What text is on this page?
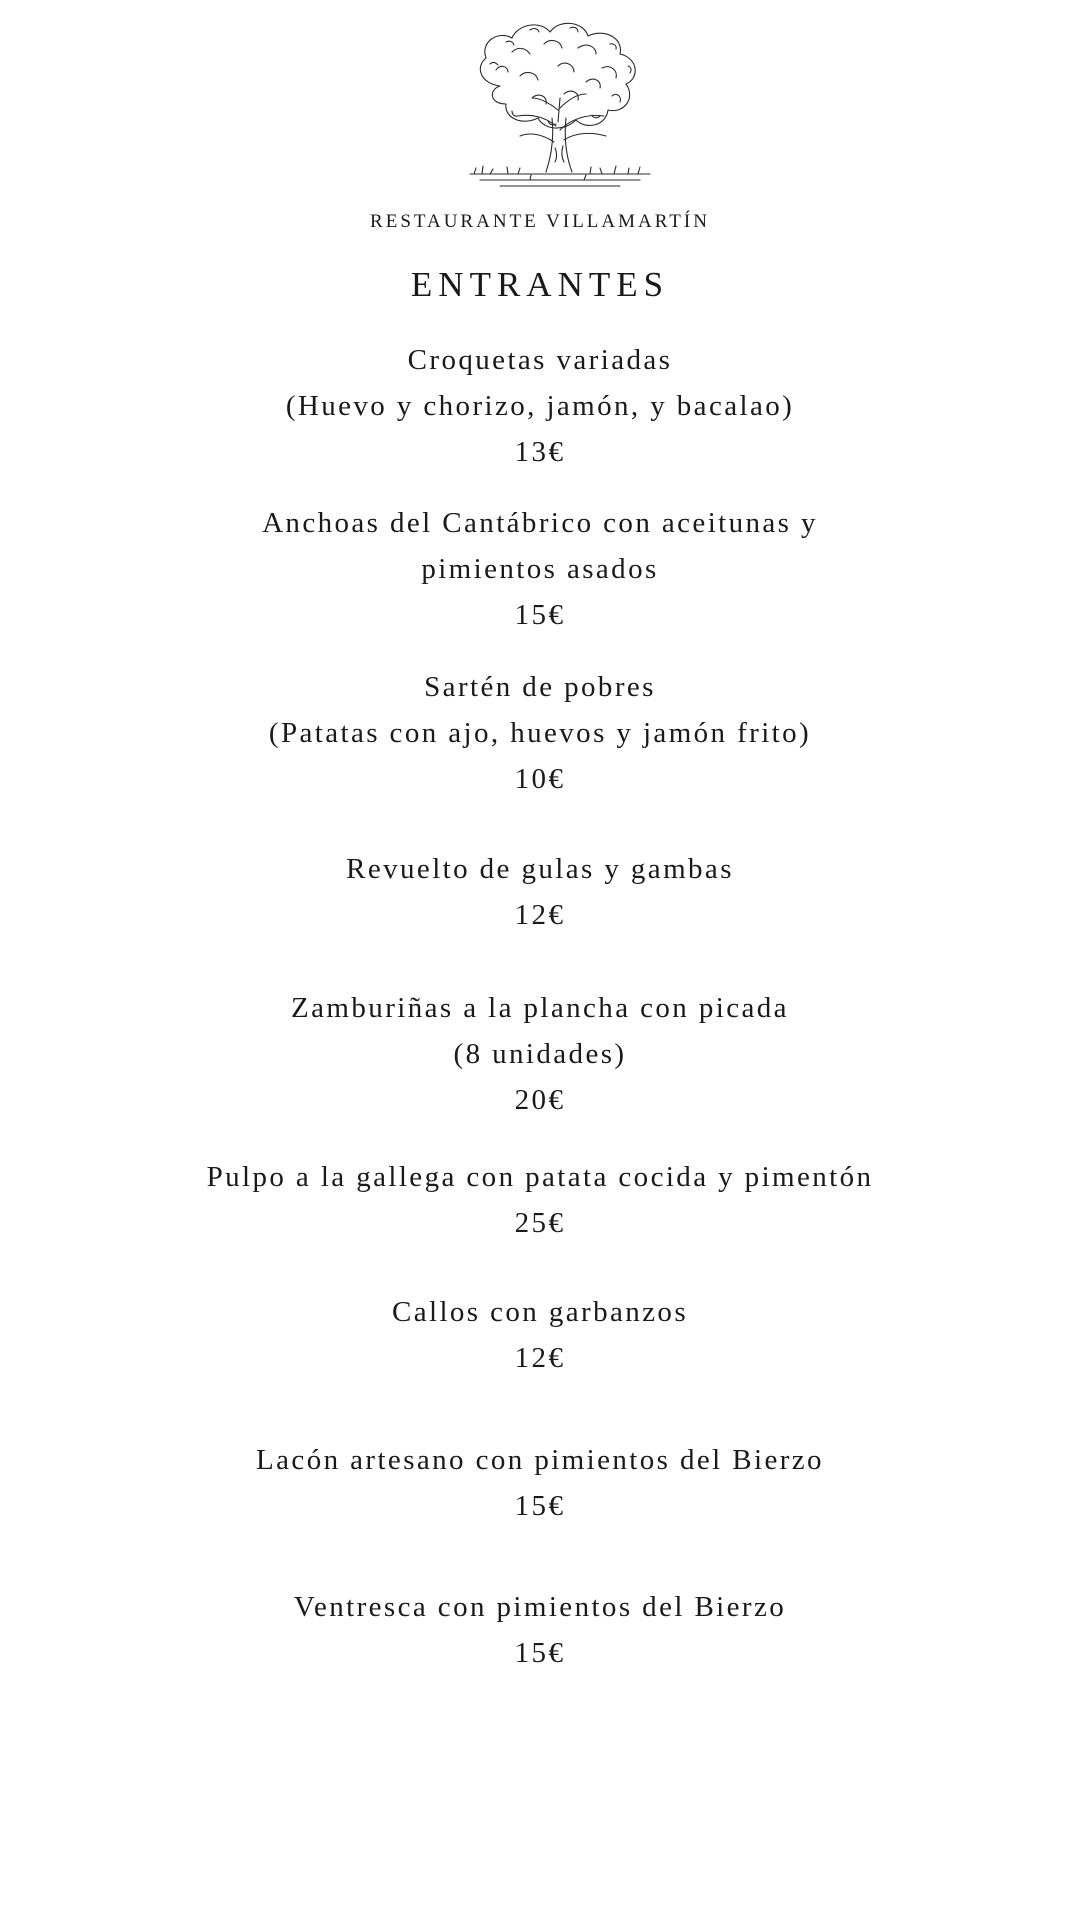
RESTAURANTE VILLAMARTÍN
ENTRANTES
Croquetas variadas
(Huevo y chorizo, jamón, y bacalao)
13€
Anchoas del Cantábrico con aceitunas y
pimientos asados
15€
Sartén de pobres
(Patatas con ajo, huevos y jamón frito)
10€
Revuelto de gulas y gambas
12€
Zamburiñas a la plancha con picada
(8 unidades)
20€
Pulpo a la gallega con patata cocida y pimentón
25€
Callos con garbanzos
12€
Lacón artesano con pimientos del Bierzo
15€
Ventresca con pimientos del Bierzo
15€
